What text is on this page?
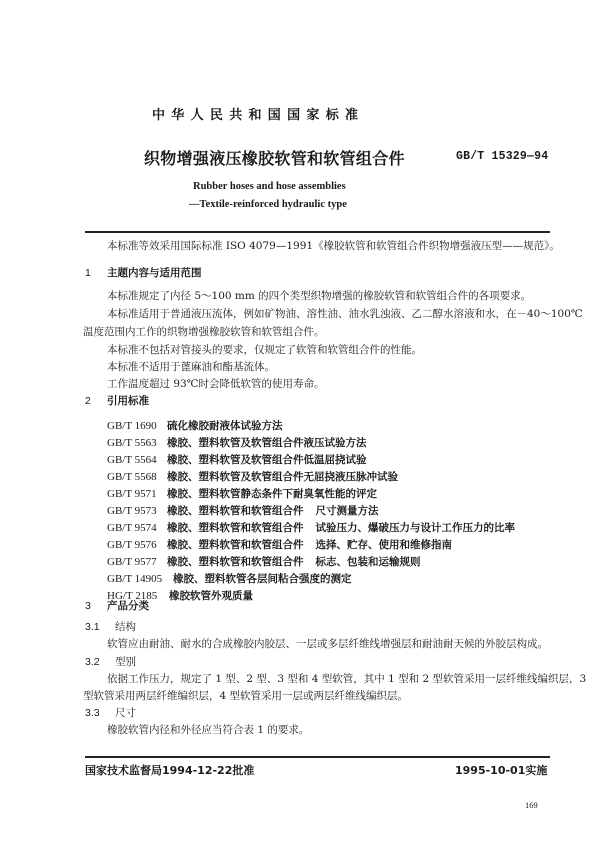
中华人民共和国国家标准
织物增强液压橡胶软管和软管组合件	GB/T 15329—94
Rubber hoses and hose assemblies
—Textile-reinforced hydraulic type
本标准等效采用国际标准 ISO 4079—1991《橡胶软管和软管组合件织物增强液压型——规范》。
1 主题内容与适用范围
本标准规定了内径 5～100 mm 的四个类型织物增强的橡胶软管和软管组合件的各项要求。
本标准适用于普通液压流体，例如矿物油、溶性油、油水乳浊液、乙二醇水溶液和水，在－40～100℃
温度范围内工作的织物增强橡胶软管和软管组合件。
本标准不包括对管接头的要求，仅规定了软管和软管组合件的性能。
本标准不适用于蓖麻油和酯基流体。
工作温度超过 93℃时会降低软管的使用寿命。
2 引用标准
GB/T 1690 硫化橡胶耐液体试验方法
GB/T 5563 橡胶、塑料软管及软管组合件液压试验方法
GB/T 5564 橡胶、塑料软管及软管组合件低温屈挠试验
GB/T 5568 橡胶、塑料软管及软管组合件无屈挠液压脉冲试验
GB/T 9571 橡胶、塑料软管静态条件下耐臭氧性能的评定
GB/T 9573 橡胶、塑料软管和软管组合件 尺寸测量方法
GB/T 9574 橡胶、塑料软管和软管组合件 试验压力、爆破压力与设计工作压力的比率
GB/T 9576 橡胶、塑料软管和软管组合件 选择、贮存、使用和维修指南
GB/T 9577 橡胶、塑料软管和软管组合件 标志、包装和运输规则
GB/T 14905 橡胶、塑料软管各层间粘合强度的测定
HG/T 2185 橡胶软管外观质量
3 产品分类
3.1 结构
软管应由耐油、耐水的合成橡胶内胶层、一层或多层纤维线增强层和耐油耐天候的外胶层构成。
3.2 型别
依据工作压力，规定了 1 型、2 型、3 型和 4 型软管，其中 1 型和 2 型软管采用一层纤维线编织层，3
型软管采用两层纤维编织层，4 型软管采用一层或两层纤维线编织层。
3.3 尺寸
橡胶软管内径和外径应当符合表 1 的要求。
国家技术监督局1994-12-22批准	1995-10-01实施
169
